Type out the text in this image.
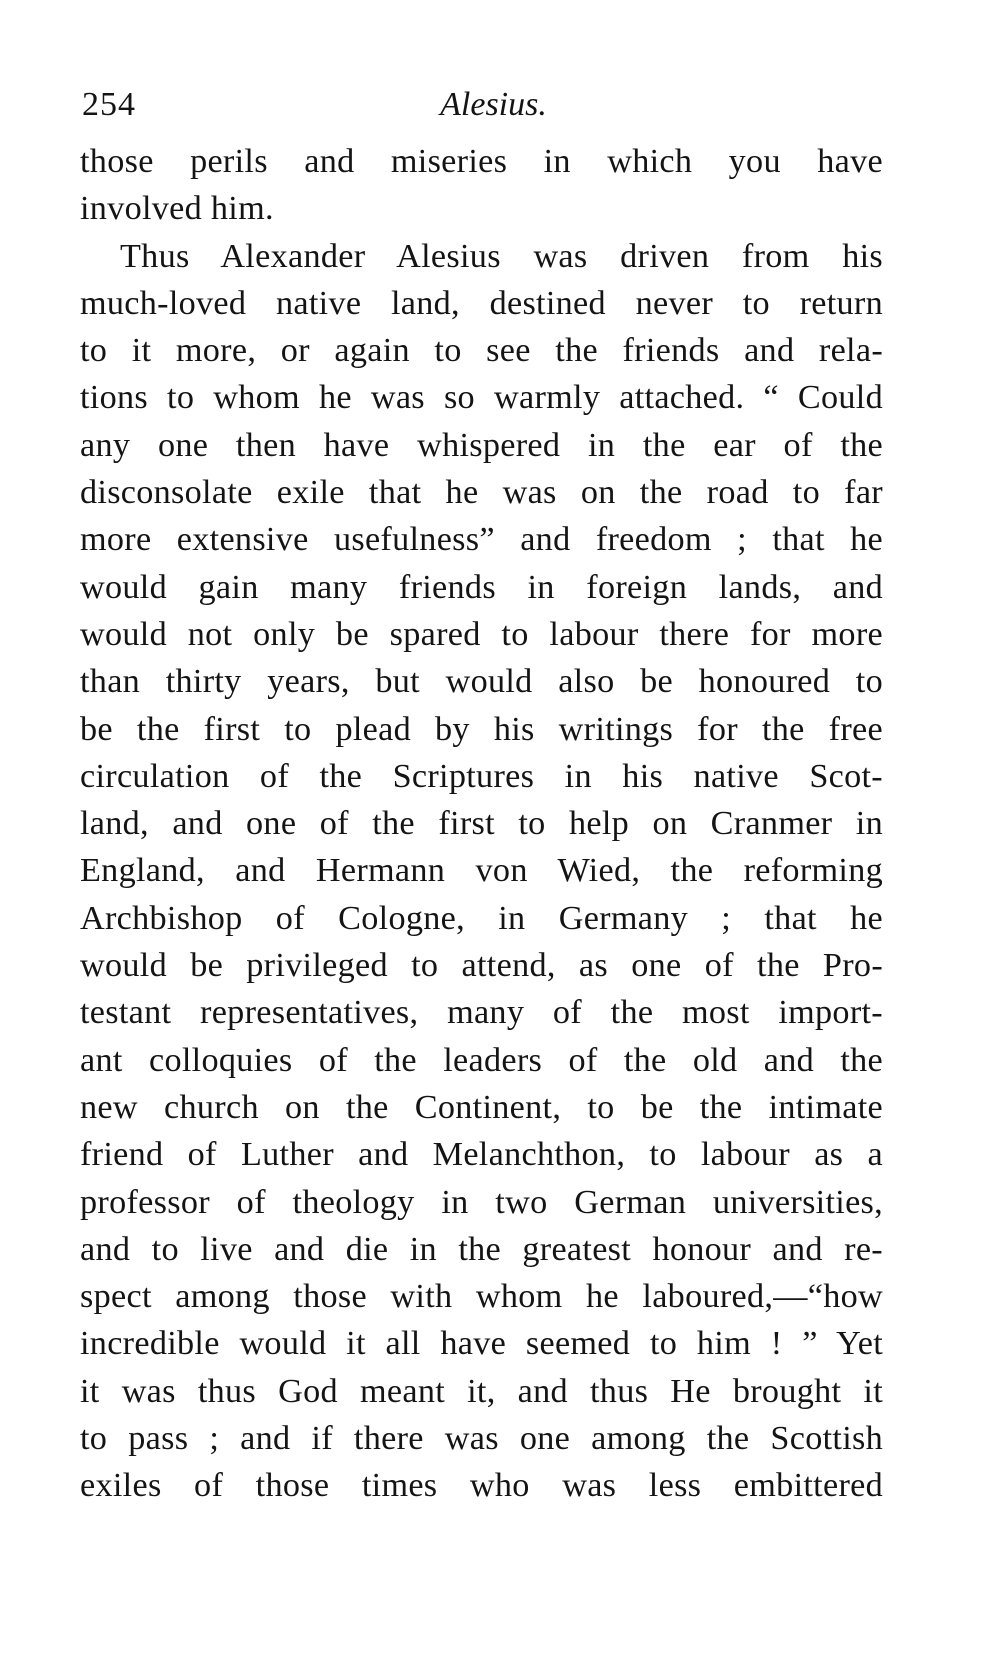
254	Alesius.
those perils and miseries in which you have
involved him.
Thus Alexander Alesius was driven from his
much-loved native land, destined never to return
to it more, or again to see the friends and rela-
tions to whom he was so warmly attached. “ Could
any one then have whispered in the ear of the
disconsolate exile that he was on the road to far
more extensive usefulness” and freedom ; that he
would gain many friends in foreign lands, and
would not only be spared to labour there for more
than thirty years, but would also be honoured to
be the first to plead by his writings for the free
circulation of the Scriptures in his native Scot-
land, and one of the first to help on Cranmer in
England, and Hermann von Wied, the reforming
Archbishop of Cologne, in Germany ; that he
would be privileged to attend, as one of the Pro-
testant representatives, many of the most import-
ant colloquies of the leaders of the old and the
new church on the Continent, to be the intimate
friend of Luther and Melanchthon, to labour as a
professor of theology in two German universities,
and to live and die in the greatest honour and re-
spect among those with whom he laboured,—“how
incredible would it all have seemed to him ! ” Yet
it was thus God meant it, and thus He brought it
to pass ; and if there was one among the Scottish
exiles of those times who was less embittered
